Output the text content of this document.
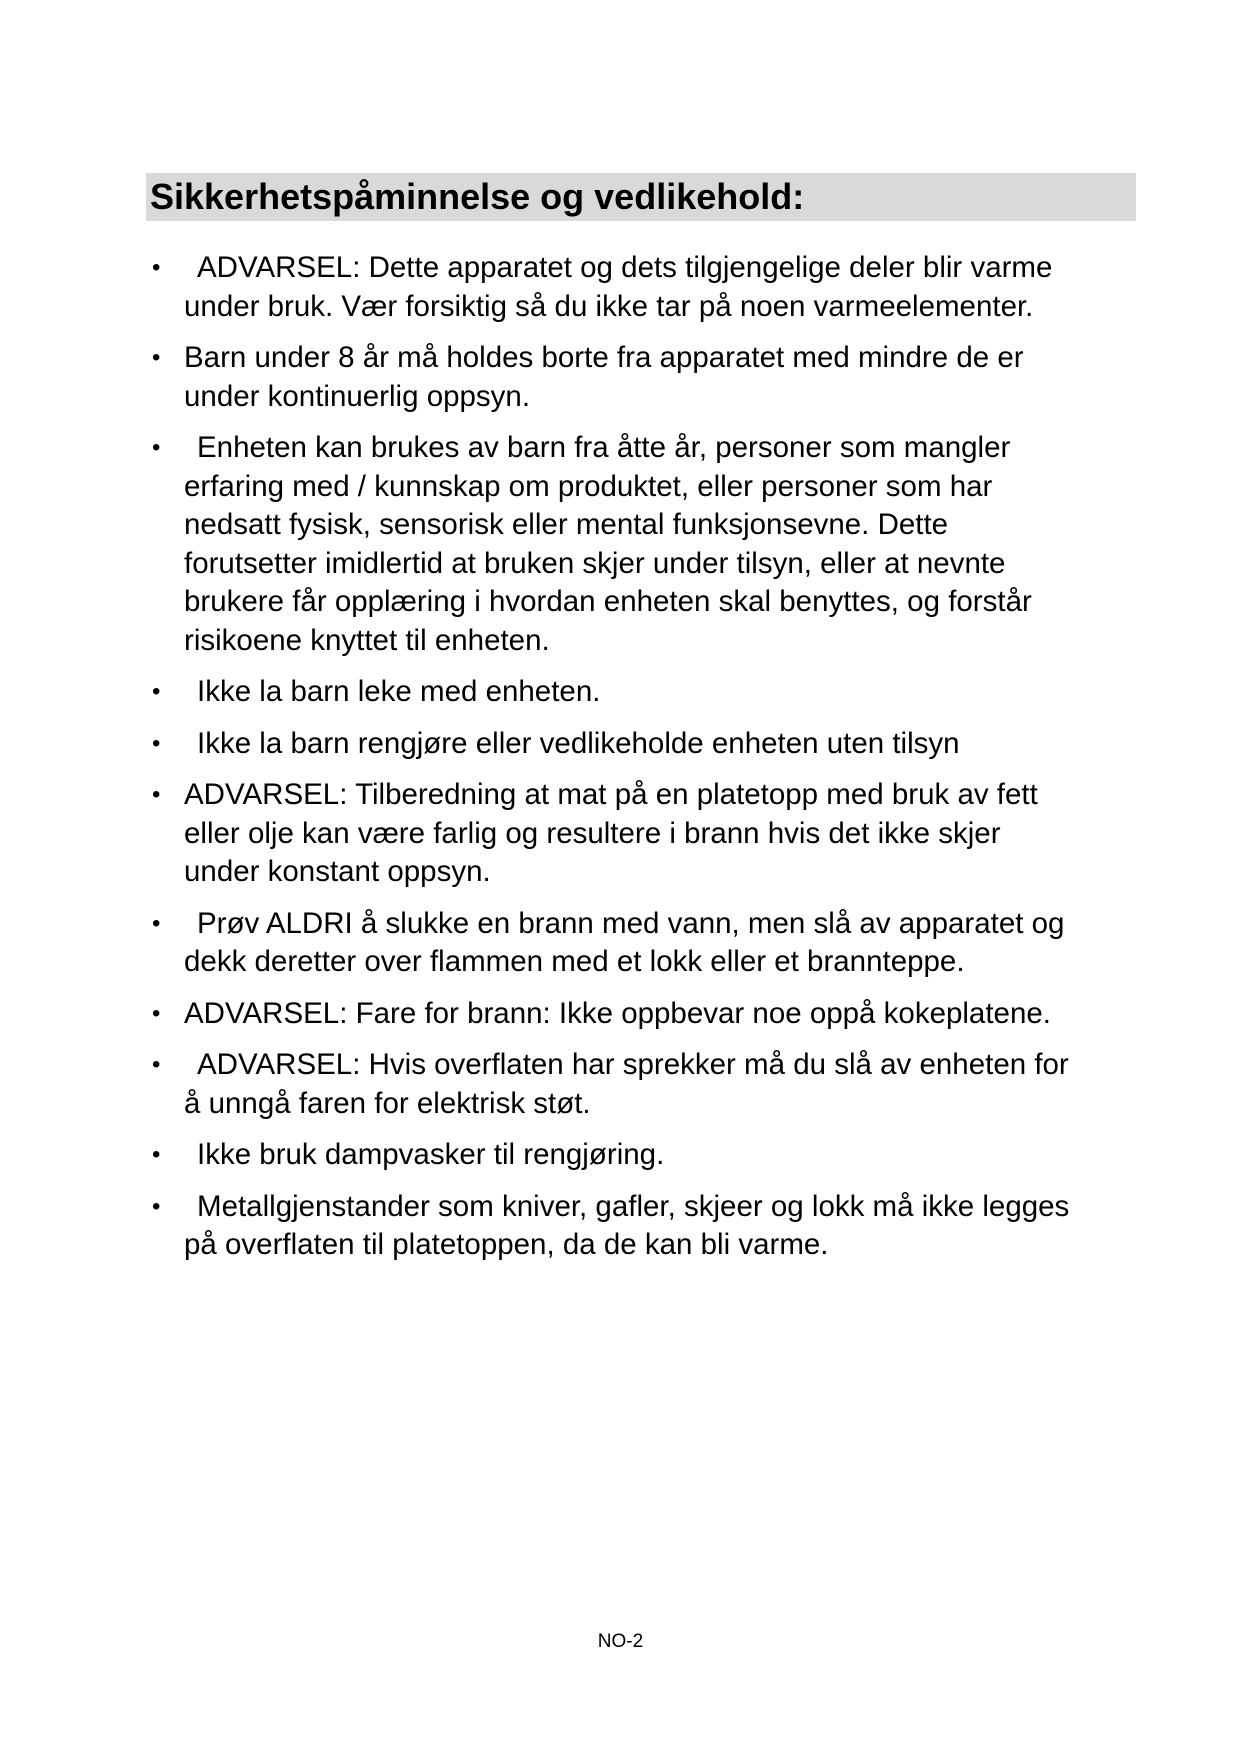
Sikkerhetspåminnelse og vedlikehold:
• ADVARSEL: Dette apparatet og dets tilgjengelige deler blir varme
under bruk. Vær forsiktig så du ikke tar på noen varmeelementer.
• Barn under 8 år må holdes borte fra apparatet med mindre de er
under kontinuerlig oppsyn.
• Enheten kan brukes av barn fra åtte år, personer som mangler
erfaring med / kunnskap om produktet, eller personer som har
nedsatt fysisk, sensorisk eller mental funksjonsevne. Dette
forutsetter imidlertid at bruken skjer under tilsyn, eller at nevnte
brukere får opplæring i hvordan enheten skal benyttes, og forstår
risikoene knyttet til enheten.
• Ikke la barn leke med enheten.
• Ikke la barn rengjøre eller vedlikeholde enheten uten tilsyn
• ADVARSEL: Tilberedning at mat på en platetopp med bruk av fett
eller olje kan være farlig og resultere i brann hvis det ikke skjer
under konstant oppsyn.
• Prøv ALDRI å slukke en brann med vann, men slå av apparatet og
dekk deretter over flammen med et lokk eller et brannteppe.
• ADVARSEL: Fare for brann: Ikke oppbevar noe oppå kokeplatene.
• ADVARSEL: Hvis overflaten har sprekker må du slå av enheten for
å unngå faren for elektrisk støt.
• Ikke bruk dampvasker til rengjøring.
• Metallgjenstander som kniver, gafler, skjeer og lokk må ikke legges
på overflaten til platetoppen, da de kan bli varme.
NO-2
